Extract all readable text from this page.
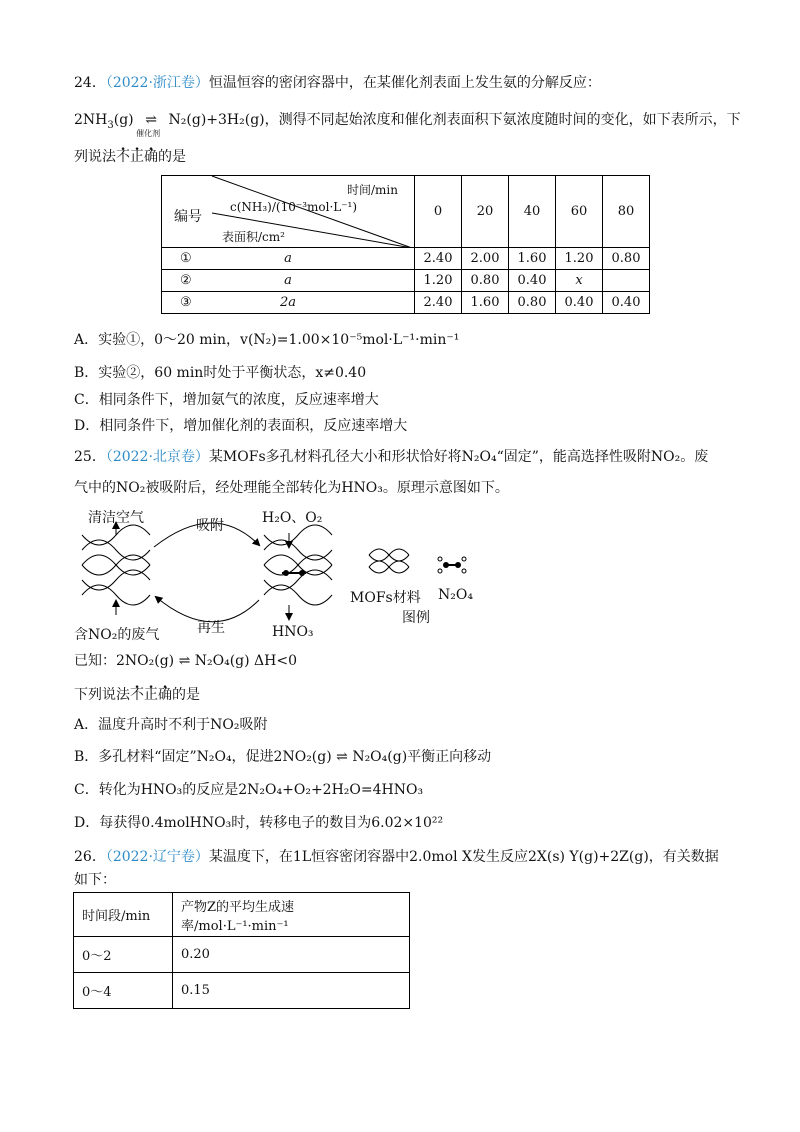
24．（2022·浙江卷）恒温恒容的密闭容器中，在某催化剂表面上发生氨的分解反应：
$2NH_3(g)$ ⇌
催化剂
N₂(g)+3H₂(g)，测得不同起始浓度和催化剂表面积下氨浓度随时间的变化，如下表所示，下
列说法不正确的是
编号
c(NH₃)/(10⁻³mol·L⁻¹)
时间/min
表面积/cm²	0	20	40	60	80

① a	2.40	2.00	1.60	1.20	0.80

② a	1.20	0.80	0.40	x	

③ 2a	2.40	1.60	0.80	0.40	0.40
A．实验①，0～20 min，v(N₂)=1.00×10⁻⁵mol·L⁻¹·min⁻¹
B．实验②，60 min时处于平衡状态，x≠0.40
C．相同条件下，增加氨气的浓度，反应速率增大
D．相同条件下，增加催化剂的表面积，反应速率增大
25．（2022·北京卷）某MOFs多孔材料孔径大小和形状恰好将N₂O₄“固定”，能高选择性吸附NO₂。废
气中的NO₂被吸附后，经处理能全部转化为HNO₃。原理示意图如下。
清洁空气	吸附	H₂O、O₂
含NO₂的废气	再生	HNO₃
MOFs材料 N₂O₄
图例
已知：2NO₂(g) ⇌ N₂O₄(g) ΔH<0
下列说法不正确的是
A．温度升高时不利于NO₂吸附
B．多孔材料“固定”N₂O₄，促进2NO₂(g) ⇌ N₂O₄(g)平衡正向移动
C．转化为HNO₃的反应是2N₂O₄+O₂+2H₂O=4HNO₃
D．每获得0.4molHNO₃时，转移电子的数目为6.02×10²²
26．（2022·辽宁卷）某温度下，在1L恒容密闭容器中2.0mol X发生反应2X(s) Y(g)+2Z(g)，有关数据
如下：
时间段/min	产物Z的平均生成速率/mol·L⁻¹·min⁻¹
0～2	0.20
0～4	0.15
